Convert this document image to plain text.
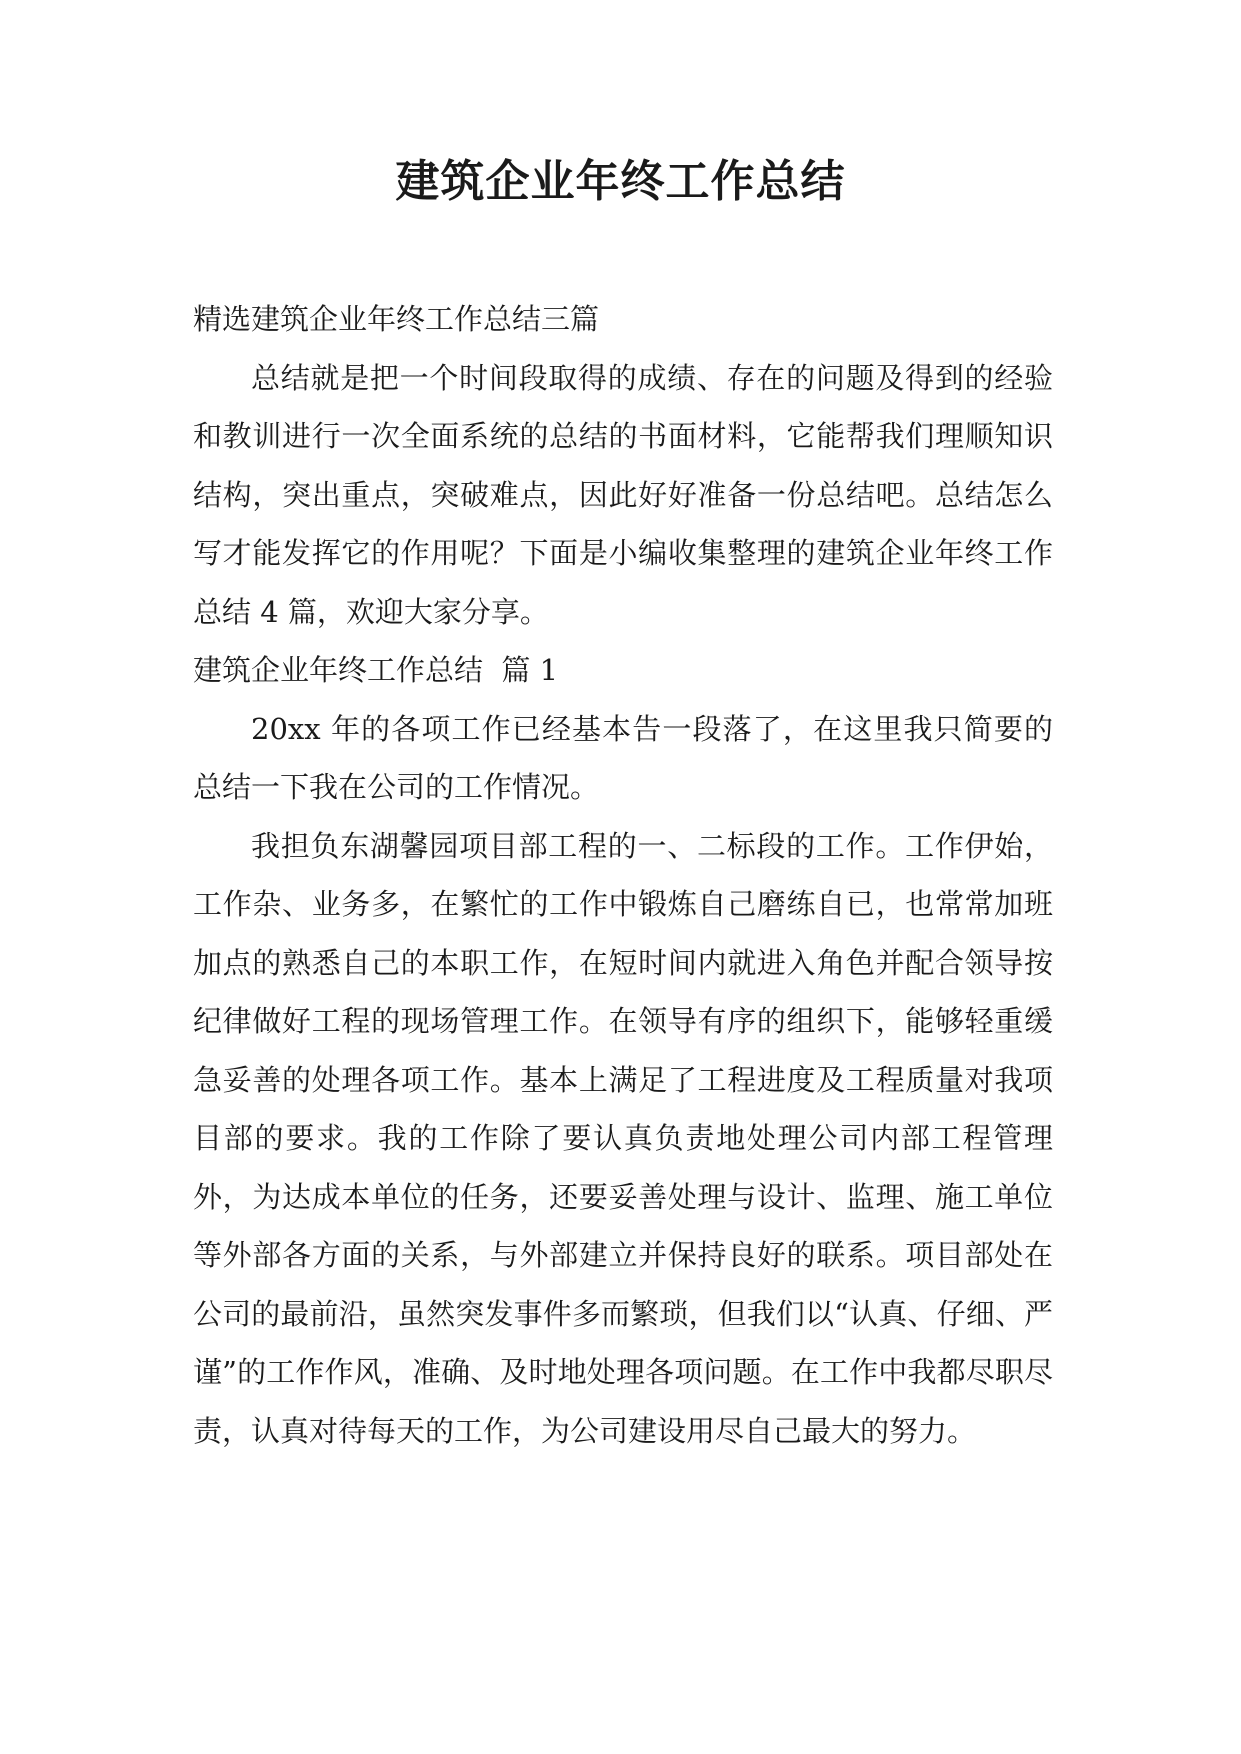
建筑企业年终工作总结

精选建筑企业年终工作总结三篇

总结就是把一个时间段取得的成绩、存在的问题及得到的经验和教训进行一次全面系统的总结的书面材料，它能帮我们理顺知识结构，突出重点，突破难点，因此好好准备一份总结吧。总结怎么写才能发挥它的作用呢？下面是小编收集整理的建筑企业年终工作总结 4 篇，欢迎大家分享。

建筑企业年终工作总结  篇 1

20xx 年的各项工作已经基本告一段落了，在这里我只简要的总结一下我在公司的工作情况。

我担负东湖馨园项目部工程的一、二标段的工作。工作伊始，工作杂、业务多，在繁忙的工作中锻炼自己磨练自已，也常常加班加点的熟悉自己的本职工作，在短时间内就进入角色并配合领导按纪律做好工程的现场管理工作。在领导有序的组织下，能够轻重缓急妥善的处理各项工作。基本上满足了工程进度及工程质量对我项目部的要求。我的工作除了要认真负责地处理公司内部工程管理外，为达成本单位的任务，还要妥善处理与设计、监理、施工单位等外部各方面的关系，与外部建立并保持良好的联系。项目部处在公司的最前沿，虽然突发事件多而繁琐，但我们以“认真、仔细、严谨”的工作作风，准确、及时地处理各项问题。在工作中我都尽职尽责，认真对待每天的工作，为公司建设用尽自己最大的努力。
